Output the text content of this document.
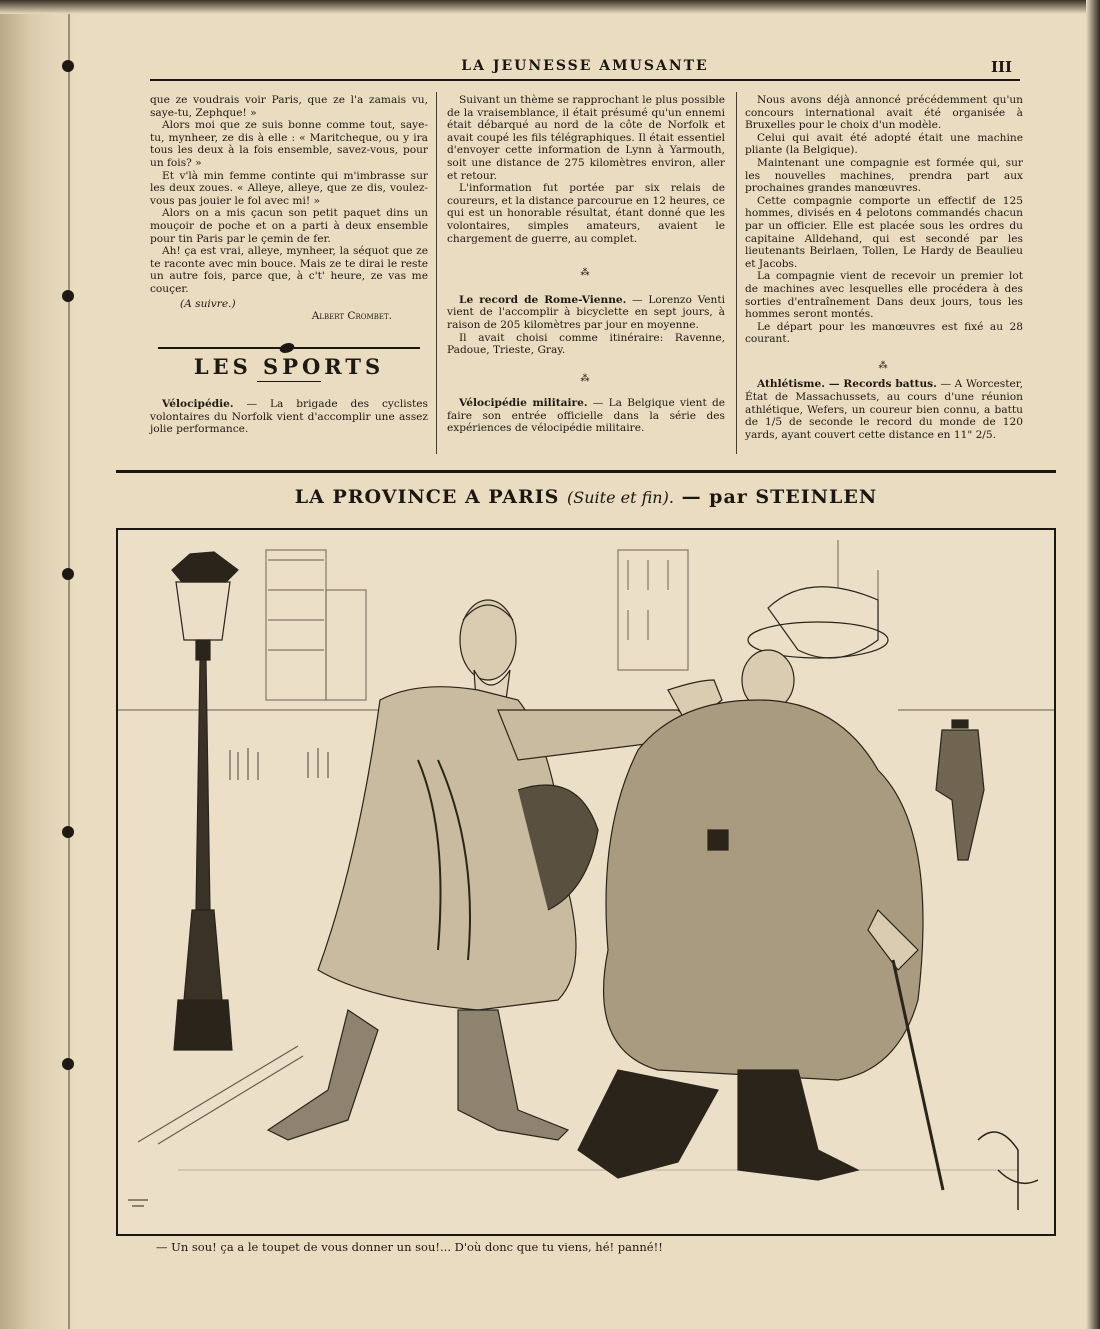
LA JEUNESSE AMUSANTE	III

que ze voudrais voir Paris, que ze l'a zamais vu, saye-tu, Zephque! »

Alors moi que ze suis bonne comme tout, saye-tu, mynheer, ze dis à elle : « Maritcheque, ou y ira tous les deux à la fois ensemble, savez-vous, pour un fois? »

Et v'là min femme continte qui m'imbrasse sur les deux zoues. « Alleye, alleye, que ze dis, voulez-vous pas jouier le fol avec mi! »

Alors on a mis çacun son petit paquet dins un mouçoir de poche et on a parti à deux ensemble pour tin Paris par le çemin de fer.

Ah! ça est vrai, alleye, mynheer, la séquot que ze te raconte avec min bouce. Mais ze te dirai le reste un autre fois, parce que, à c't' heure, ze vas me couçer.

(A suivre.)
Albert Crombet.
LES SPORTS

Vélocipédie. — La brigade des cyclistes volontaires du Norfolk vient d'accomplir une assez jolie performance.

Suivant un thème se rapprochant le plus possible de la vraisemblance, il était présumé qu'un ennemi était débarqué au nord de la côte de Norfolk et avait coupé les fils télégraphiques. Il était essentiel d'envoyer cette information de Lynn à Yarmouth, soit une distance de 275 kilomètres environ, aller et retour.

L'information fut portée par six relais de coureurs, et la distance parcourue en 12 heures, ce qui est un honorable résultat, étant donné que les volontaires, simples amateurs, avaient le chargement de guerre, au complet.

⁂

Le record de Rome-Vienne. — Lorenzo Venti vient de l'accomplir à bicyclette en sept jours, à raison de 205 kilomètres par jour en moyenne.

Il avait choisi comme itinéraire: Ravenne, Padoue, Trieste, Gray.

⁂

Vélocipédie militaire. — La Belgique vient de faire son entrée officielle dans la série des expériences de vélocipédie militaire.

Nous avons déjà annoncé précédemment qu'un concours international avait été organisée à Bruxelles pour le choix d'un modèle.

Celui qui avait été adopté était une machine pliante (la Belgique).

Maintenant une compagnie est formée qui, sur les nouvelles machines, prendra part aux prochaines grandes manœuvres.

Cette compagnie comporte un effectif de 125 hommes, divisés en 4 pelotons commandés chacun par un officier. Elle est placée sous les ordres du capitaine Alldehand, qui est secondé par les lieutenants Beirlaen, Tollen, Le Hardy de Beaulieu et Jacobs.

La compagnie vient de recevoir un premier lot de machines avec lesquelles elle procédera à des sorties d'entraînement Dans deux jours, tous les hommes seront montés.

Le départ pour les manœuvres est fixé au 28 courant.

⁂

Athlétisme. — Records battus. — A Worcester, État de Massachussets, au cours d'une réunion athlétique, Wefers, un coureur bien connu, a battu de 1/5 de seconde le record du monde de 120 yards, ayant couvert cette distance en 11" 2/5.

LA PROVINCE A PARIS (Suite et fin). — par STEINLEN
— Un sou! ça a le toupet de vous donner un sou!... D'où donc que tu viens, hé! panné!!
